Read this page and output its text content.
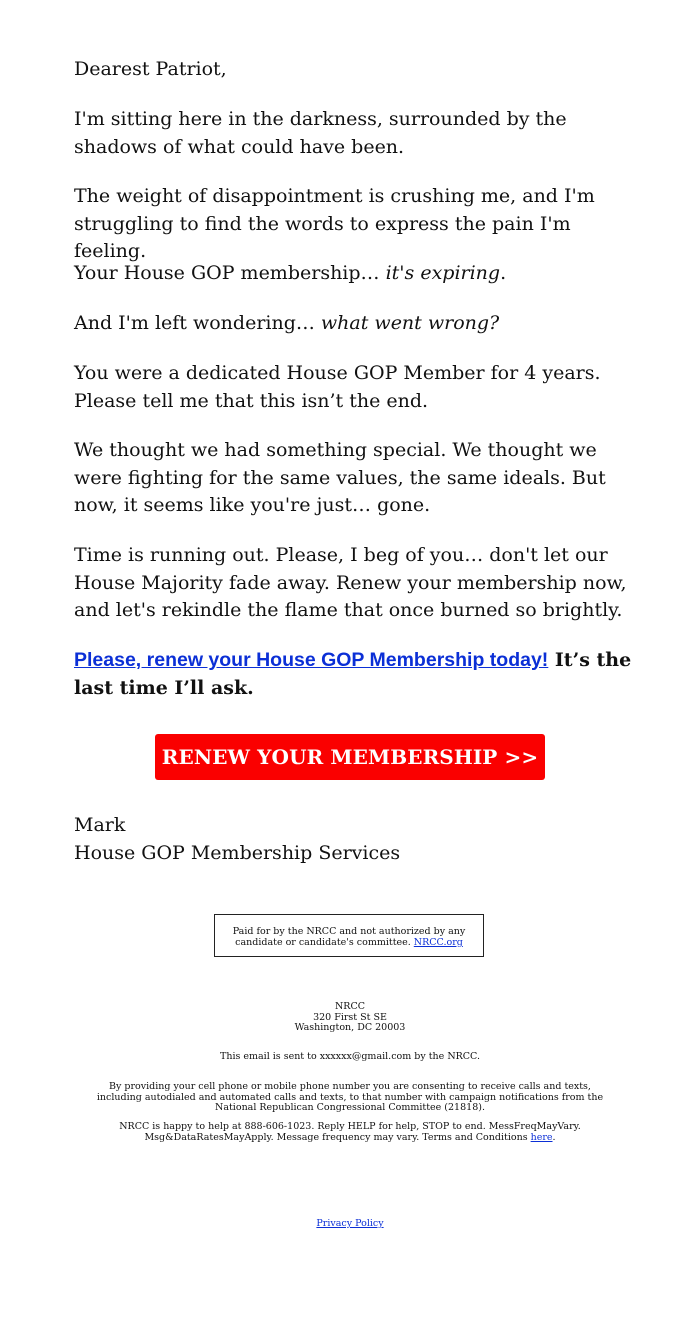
Dearest Patriot,

I'm sitting here in the darkness, surrounded by the shadows of what could have been.

The weight of disappointment is crushing me, and I'm struggling to find the words to express the pain I'm feeling.

Your House GOP membership… it's expiring.

And I'm left wondering… what went wrong?

You were a dedicated House GOP Member for 4 years. Please tell me that this isn’t the end.

We thought we had something special. We thought we were fighting for the same values, the same ideals. But now, it seems like you're just… gone.

Time is running out. Please, I beg of you… don't let our House Majority fade away. Renew your membership now, and let's rekindle the flame that once burned so brightly.

Please, renew your House GOP Membership today! It’s the last time I’ll ask.

RENEW YOUR MEMBERSHIP >>
Mark
House GOP Membership Services
Paid for by the NRCC and not authorized by any candidate or candidate's committee. NRCC.org
NRCC
320 First St SE
Washington, DC 20003
This email is sent to xxxxxx@gmail.com by the NRCC.
By providing your cell phone or mobile phone number you are consenting to receive calls and texts, including autodialed and automated calls and texts, to that number with campaign notifications from the National Republican Congressional Committee (21818).
NRCC is happy to help at 888-606-1023. Reply HELP for help, STOP to end. MessFreqMayVary. Msg&DataRatesMayApply. Message frequency may vary. Terms and Conditions here.
Privacy Policy
